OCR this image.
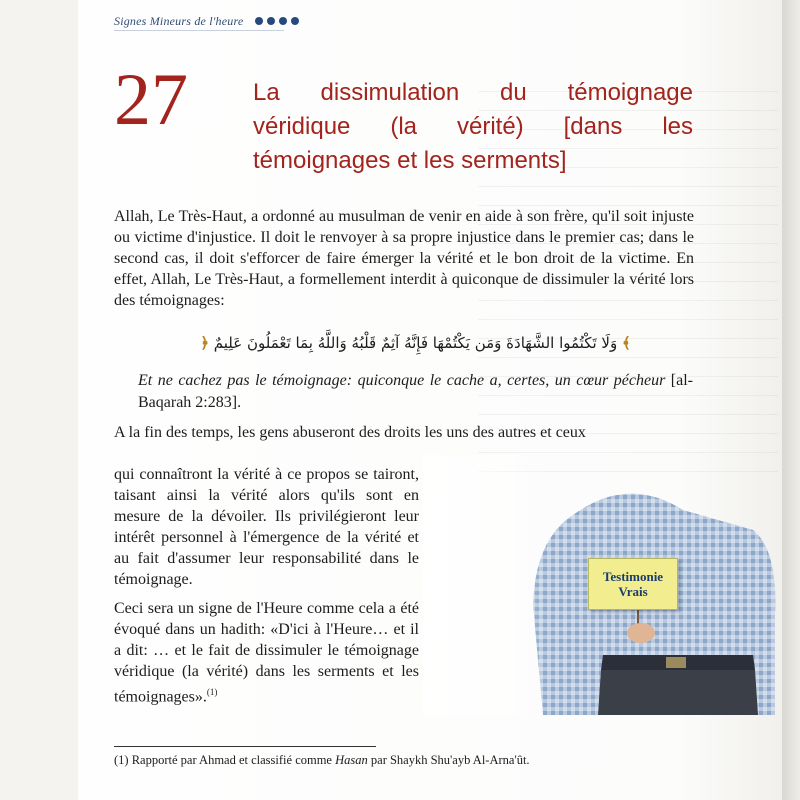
Signes Mineurs de l'heure
27	La dissimulation du témoignage véridique (la vérité) [dans les témoignages et les serments]

Allah, Le Très-Haut, a ordonné au musulman de venir en aide à son frère, qu'il soit injuste ou victime d'injustice. Il doit le renvoyer à sa propre injustice dans le premier cas; dans le second cas, il doit s'efforcer de faire émerger la vérité et le bon droit de la victime. En effet, Allah, Le Très-Haut, a formellement interdit à quiconque de dissimuler la vérité lors des témoignages:

﴾ وَلَا تَكْتُمُوا الشَّهَادَةَ وَمَن يَكْتُمْهَا فَإِنَّهُ آثِمٌ قَلْبُهُ وَاللَّهُ بِمَا تَعْمَلُونَ عَلِيمٌ ﴿
Et ne cachez pas le témoignage: quiconque le cache a, certes, un cœur pécheur [al-Baqarah 2:283].

A la fin des temps, les gens abuseront des droits les uns des autres et ceux

qui connaîtront la vérité à ce propos se tairont, taisant ainsi la vérité alors qu'ils sont en mesure de la dévoiler. Ils privilégieront leur intérêt personnel à l'émergence de la vérité et au fait d'assumer leur responsabilité dans le témoignage.

Ceci sera un signe de l'Heure comme cela a été évoqué dans un hadith: «D'ici à l'Heure… et il a dit: … et le fait de dissimuler le témoignage véridique (la vérité) dans les serments et les témoignages».$^{(1)}$

Testimonie
Vrais
(1) Rapporté par Ahmad et classifié comme Hasan par Shaykh Shu'ayb Al-Arna'ût.
